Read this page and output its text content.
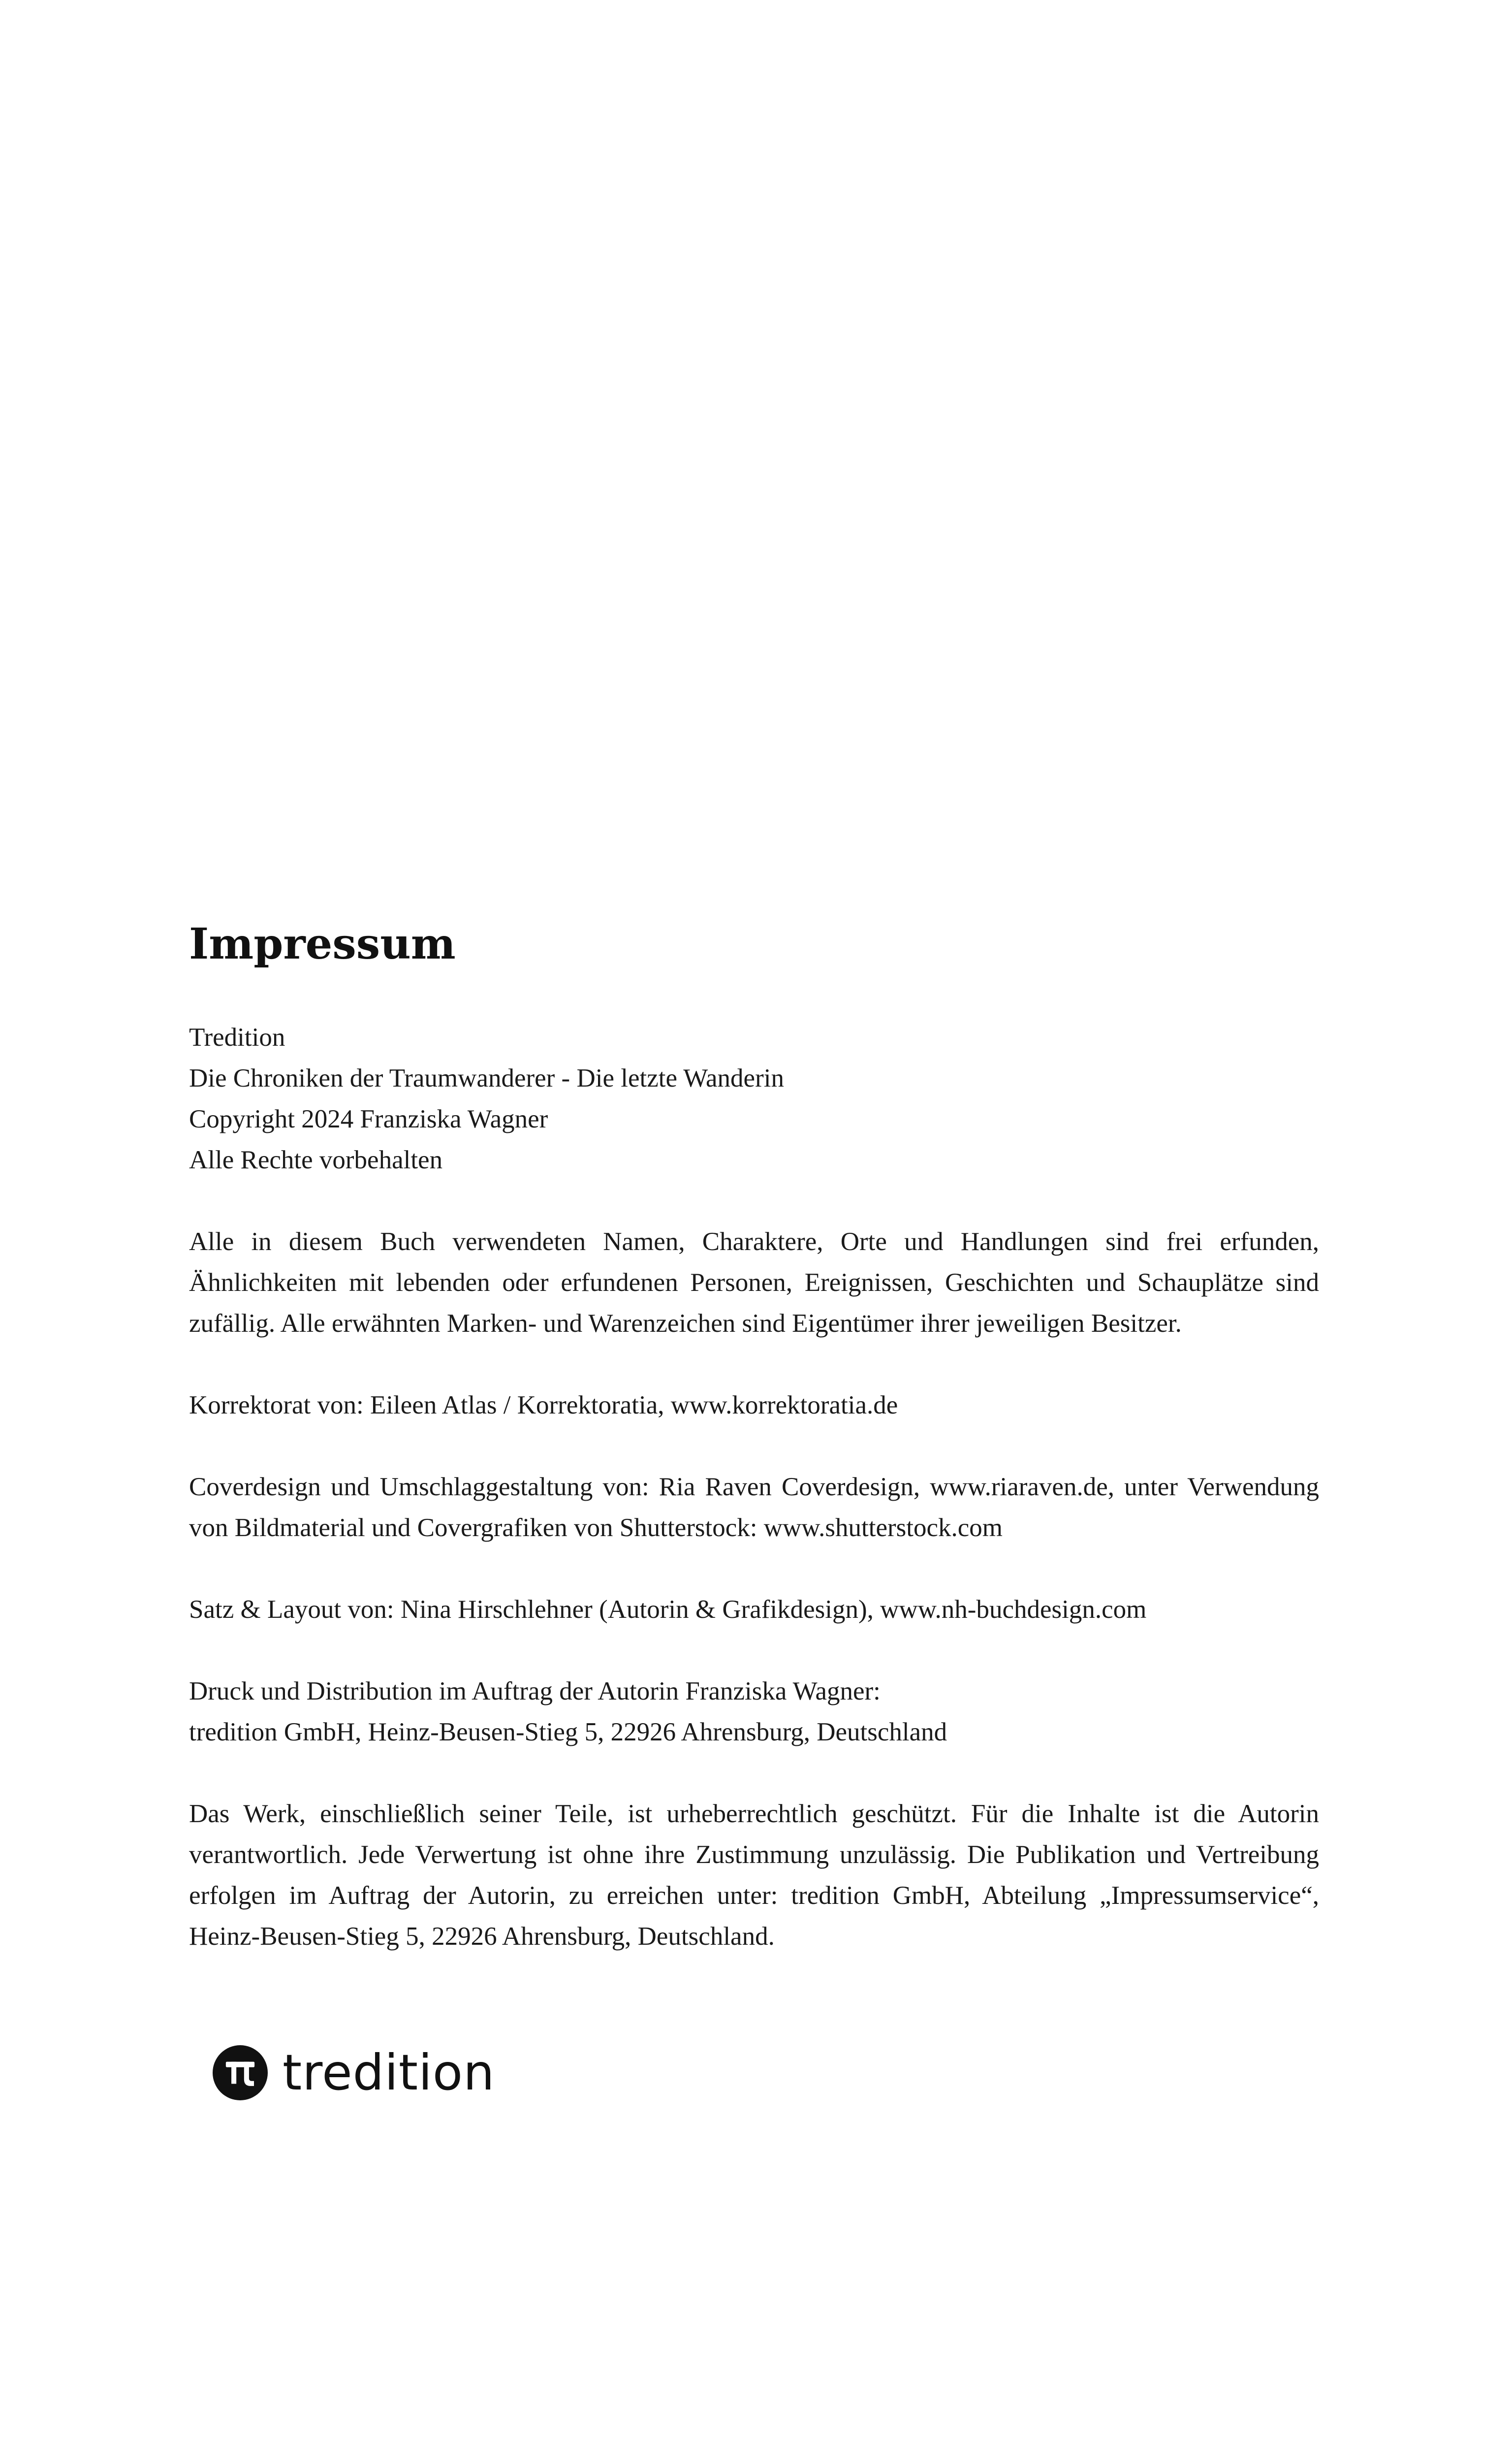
Impressum

Tredition

Die Chroniken der Traumwanderer - Die letzte Wanderin

Copyright 2024 Franziska Wagner

Alle Rechte vorbehalten

Alle in diesem Buch verwendeten Namen, Charaktere, Orte und Handlungen sind frei erfunden, Ähnlichkeiten mit lebenden oder erfundenen Personen, Ereignissen, Geschichten und Schauplätze sind zufällig. Alle erwähnten Marken- und Warenzeichen sind Eigentümer ihrer jeweiligen Besitzer.
Korrektorat von: Eileen Atlas / Korrektoratia, www.korrektoratia.de
Coverdesign und Umschlaggestaltung von: Ria Raven Coverdesign, www.riaraven.de, unter Verwendung von Bildmaterial und Covergrafiken von Shutterstock: www.shutterstock.com
Satz & Layout von: Nina Hirschlehner (Autorin & Grafikdesign), www.nh-buchdesign.com

Druck und Distribution im Auftrag der Autorin Franziska Wagner:

tredition GmbH, Heinz-Beusen-Stieg 5, 22926 Ahrensburg, Deutschland

Das Werk, einschließlich seiner Teile, ist urheberrechtlich geschützt. Für die Inhalte ist die Autorin verantwortlich. Jede Verwertung ist ohne ihre Zustimmung unzulässig. Die Publikation und Vertreibung erfolgen im Auftrag der Autorin, zu erreichen unter: tredition GmbH, Abteilung „Impressumservice“, Heinz-Beusen-Stieg 5, 22926 Ahrensburg, Deutschland.
tredition
